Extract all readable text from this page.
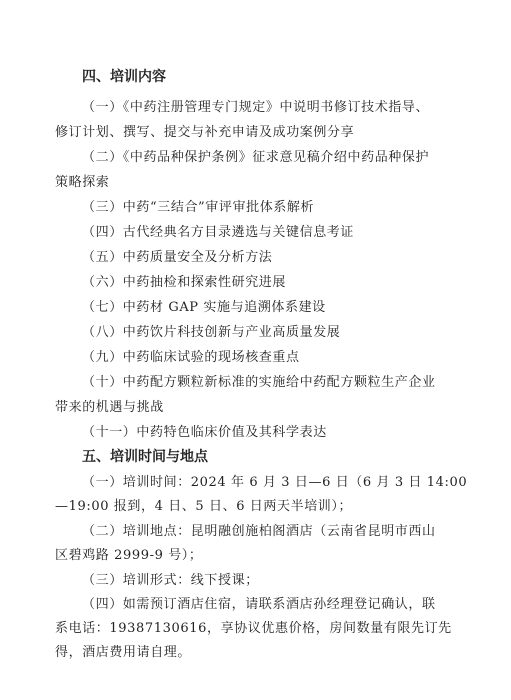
四、培训内容
（一）《中药注册管理专门规定》中说明书修订技术指导、
修订计划、撰写、提交与补充申请及成功案例分享
（二）《中药品种保护条例》征求意见稿介绍中药品种保护
策略探索
（三）中药“三结合”审评审批体系解析
（四）古代经典名方目录遴选与关键信息考证
（五）中药质量安全及分析方法
（六）中药抽检和探索性研究进展
（七）中药材 GAP 实施与追溯体系建设
（八）中药饮片科技创新与产业高质量发展
（九）中药临床试验的现场核查重点
（十）中药配方颗粒新标准的实施给中药配方颗粒生产企业
带来的机遇与挑战
（十一）中药特色临床价值及其科学表达
五、培训时间与地点
（一）培训时间：2024 年 6 月 3 日—6 日（6 月 3 日 14:00
—19:00 报到，4 日、5 日、6 日两天半培训）；
（二）培训地点：昆明融创施柏阁酒店（云南省昆明市西山
区碧鸡路 2999-9 号）；
（三）培训形式：线下授课；
（四）如需预订酒店住宿，请联系酒店孙经理登记确认，联
系电话：19387130616，享协议优惠价格，房间数量有限先订先
得，酒店费用请自理。
